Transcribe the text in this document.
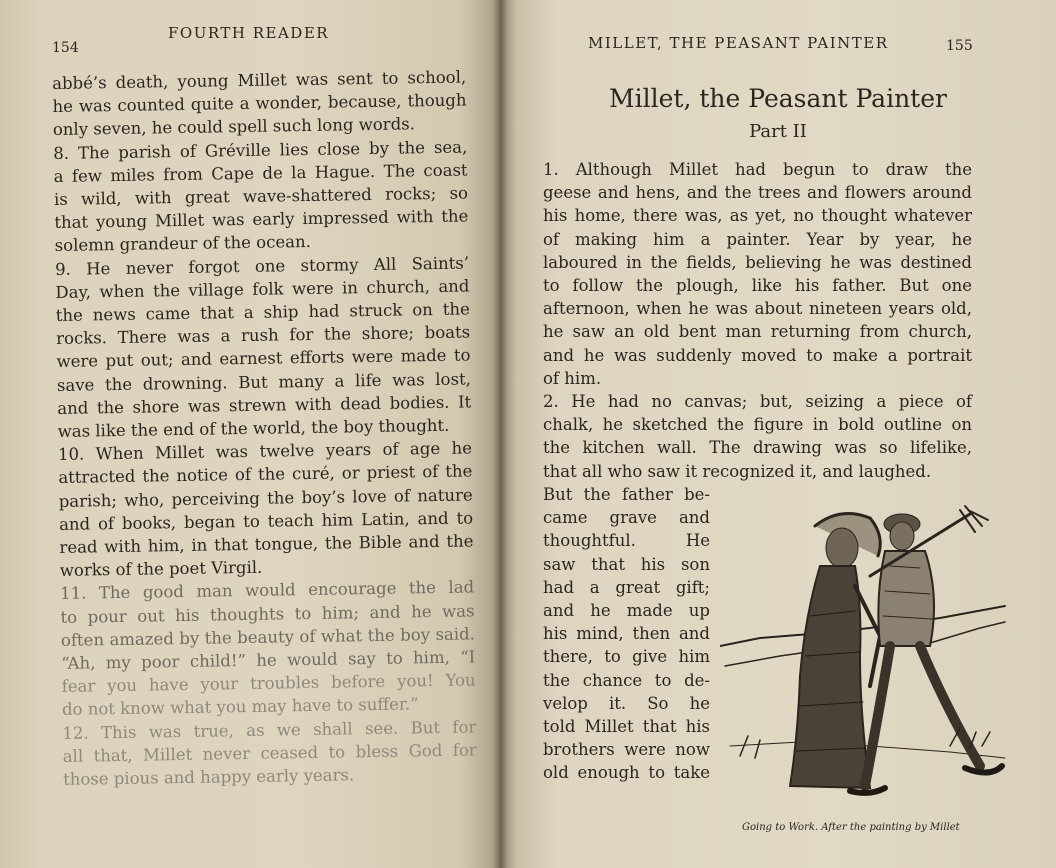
154
FOURTH READER
abbé’s death, young Millet was sent to school,
he was counted quite a wonder, because, though
only seven, he could spell such long words.
8. The parish of Gréville lies close by the sea,
a few miles from Cape de la Hague. The coast
is wild, with great wave-shattered rocks; so
that young Millet was early impressed with the
solemn grandeur of the ocean.
9. He never forgot one stormy All Saints’
Day, when the village folk were in church, and
the news came that a ship had struck on the
rocks. There was a rush for the shore; boats
were put out; and earnest efforts were made to
save the drowning. But many a life was lost,
and the shore was strewn with dead bodies. It
was like the end of the world, the boy thought.
10. When Millet was twelve years of age he
attracted the notice of the curé, or priest of the
parish; who, perceiving the boy’s love of nature
and of books, began to teach him Latin, and to
read with him, in that tongue, the Bible and the
works of the poet Virgil.
11. The good man would encourage the lad
to pour out his thoughts to him; and he was
often amazed by the beauty of what the boy said.
“Ah, my poor child!” he would say to him, “I
fear you have your troubles before you! You
do not know what you may have to suffer.”
12. This was true, as we shall see. But for
all that, Millet never ceased to bless God for
those pious and happy early years.
MILLET, THE PEASANT PAINTER	155
Millet, the Peasant Painter
Part II
1. Although Millet had begun to draw the
geese and hens, and the trees and flowers around
his home, there was, as yet, no thought whatever
of making him a painter. Year by year, he
laboured in the fields, believing he was destined
to follow the plough, like his father. But one
afternoon, when he was about nineteen years old,
he saw an old bent man returning from church,
and he was suddenly moved to make a portrait
of him.
2. He had no canvas; but, seizing a piece of
chalk, he sketched the figure in bold outline on
the kitchen wall. The drawing was so lifelike,
that all who saw it recognized it, and laughed.
But the father be-
came grave and
thoughtful. He
saw that his son
had a great gift;
and he made up
his mind, then and
there, to give him
the chance to de-
velop it. So he
told Millet that his
brothers were now
old enough to take
Going to Work. After the painting by Millet
